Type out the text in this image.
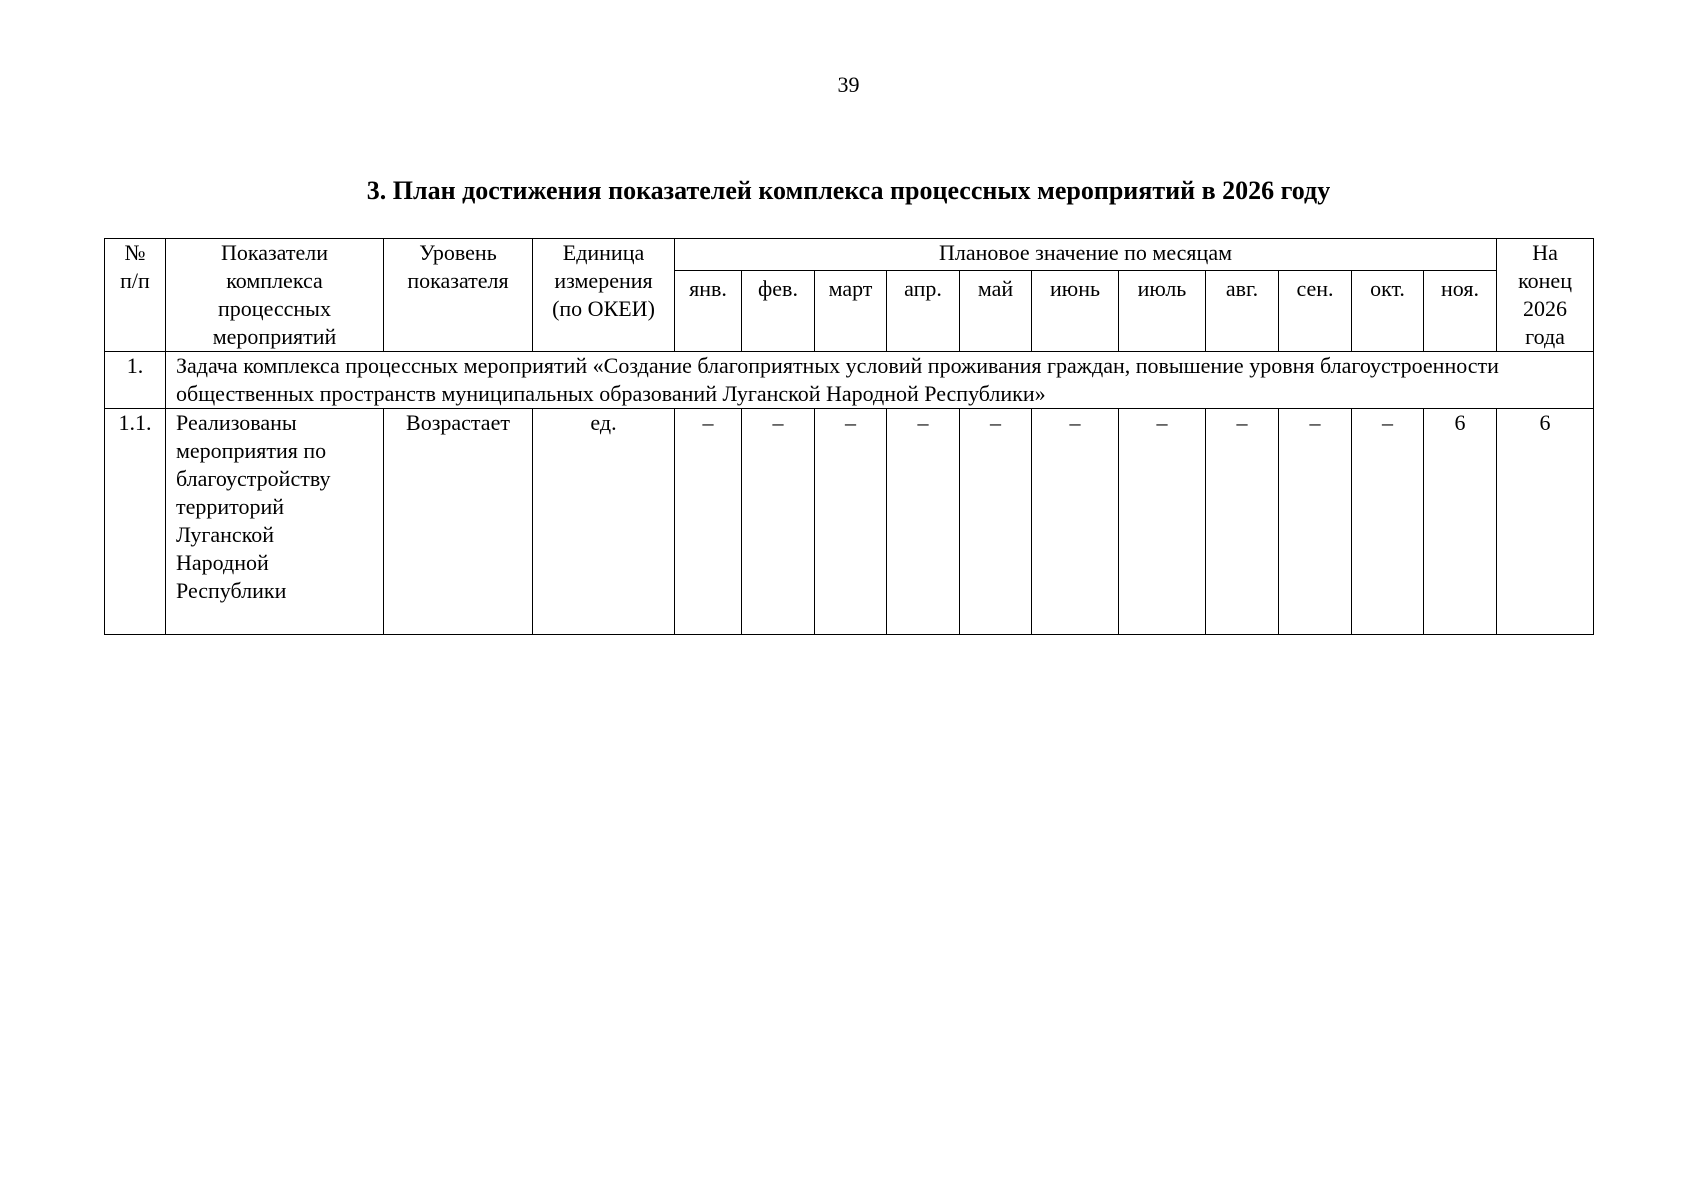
39
3. План достижения показателей комплекса процессных мероприятий в 2026 году
№ п/п	Показатели комплекса процессных мероприятий	Уровень показателя	Единица измерения (по ОКЕИ)	Плановое значение по месяцам											На конец 2026 года
				янв.	фев.	март	апр.	май	июнь	июль	авг.	сен.	окт.	ноя.	
1.	Задача комплекса процессных мероприятий «Создание благоприятных условий проживания граждан, повышение уровня благоустроенности общественных пространств муниципальных образований Луганской Народной Республики»														
1.1.	Реализованы мероприятия по благоустройству территорий Луганской Народной Республики	Возрастает	ед.	–	–	–	–	–	–	–	–	–	–	6	6
